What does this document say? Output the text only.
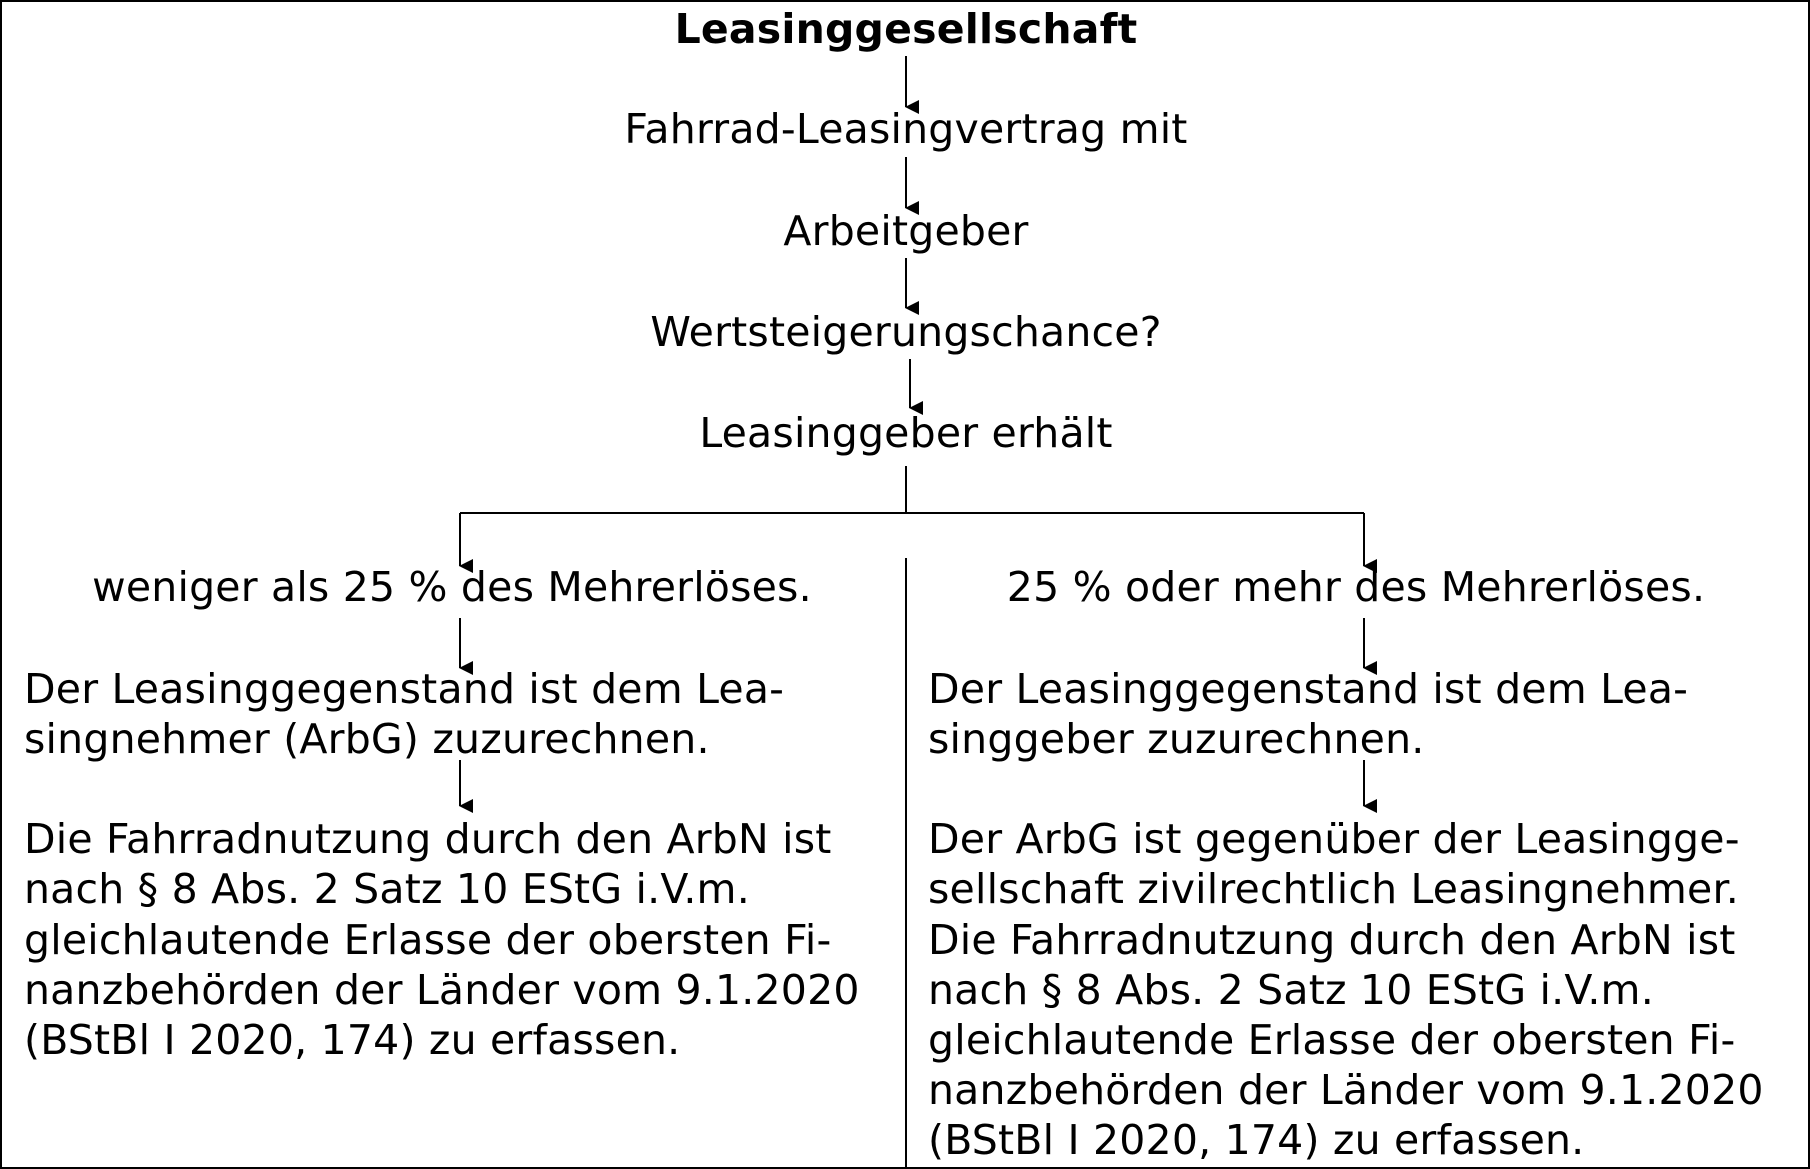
Leasinggesellschaft
Fahrrad-Leasingvertrag mit
Arbeitgeber
Wertsteigerungschance?
Leasinggeber erhält
weniger als 25 % des Mehrerlöses.	25 % oder mehr des Mehrerlöses.
Der Leasinggegenstand ist dem Lea-
singnehmer (ArbG) zuzurechnen.
Die Fahrradnutzung durch den ArbN ist
nach § 8 Abs. 2 Satz 10 EStG i.V.m.
gleichlautende Erlasse der obersten Fi-
nanzbehörden der Länder vom 9.1.2020
(BStBl I 2020, 174) zu erfassen.
Der Leasinggegenstand ist dem Lea-
singgeber zuzurechnen.
Der ArbG ist gegenüber der Leasingge-
sellschaft zivilrechtlich Leasingnehmer.
Die Fahrradnutzung durch den ArbN ist
nach § 8 Abs. 2 Satz 10 EStG i.V.m.
gleichlautende Erlasse der obersten Fi-
nanzbehörden der Länder vom 9.1.2020
(BStBl I 2020, 174) zu erfassen.
